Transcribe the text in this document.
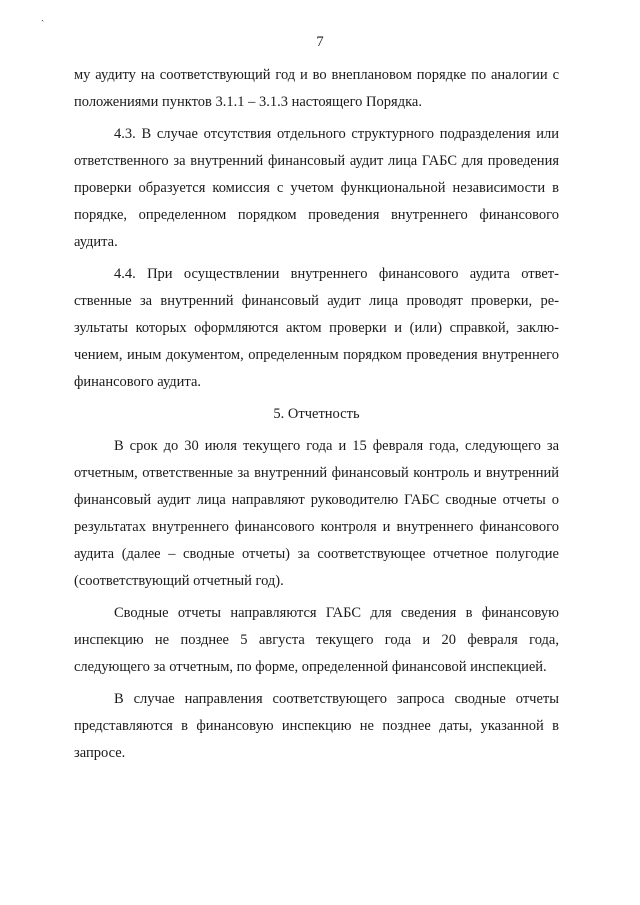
ˎ
7

му аудиту на соответствующий год и во внеплановом порядке по аналогии с положениями пунктов 3.1.1 – 3.1.3 настоящего Порядка.

4.3. В случае отсутствия отдельного структурного подразделения или ответственного за внутренний финансовый аудит лица ГАБС для проведения проверки образуется комиссия с учетом функциональной независимости в порядке, определенном порядком проведения внутреннего финансового аудита.

4.4. При осуществлении внутреннего финансового аудита ответственные за внутренний финансовый аудит лица проводят проверки, результаты которых оформляются актом проверки и (или) справкой, заключением, иным документом, определенным порядком проведения внутреннего финансового аудита.

5. Отчетность

В срок до 30 июля текущего года и 15 февраля года, следующего за отчетным, ответственные за внутренний финансовый контроль и внутренний финансовый аудит лица направляют руководителю ГАБС сводные отчеты о результатах внутреннего финансового контроля и внутреннего финансового аудита (далее – сводные отчеты) за соответствующее отчетное полугодие (соответствующий отчетный год).

Сводные отчеты направляются ГАБС для сведения в финансовую инспекцию не позднее 5 августа текущего года и 20 февраля года, следующего за отчетным, по форме, определенной финансовой инспекцией.

В случае направления соответствующего запроса сводные отчеты представляются в финансовую инспекцию не позднее даты, указанной в запросе.
